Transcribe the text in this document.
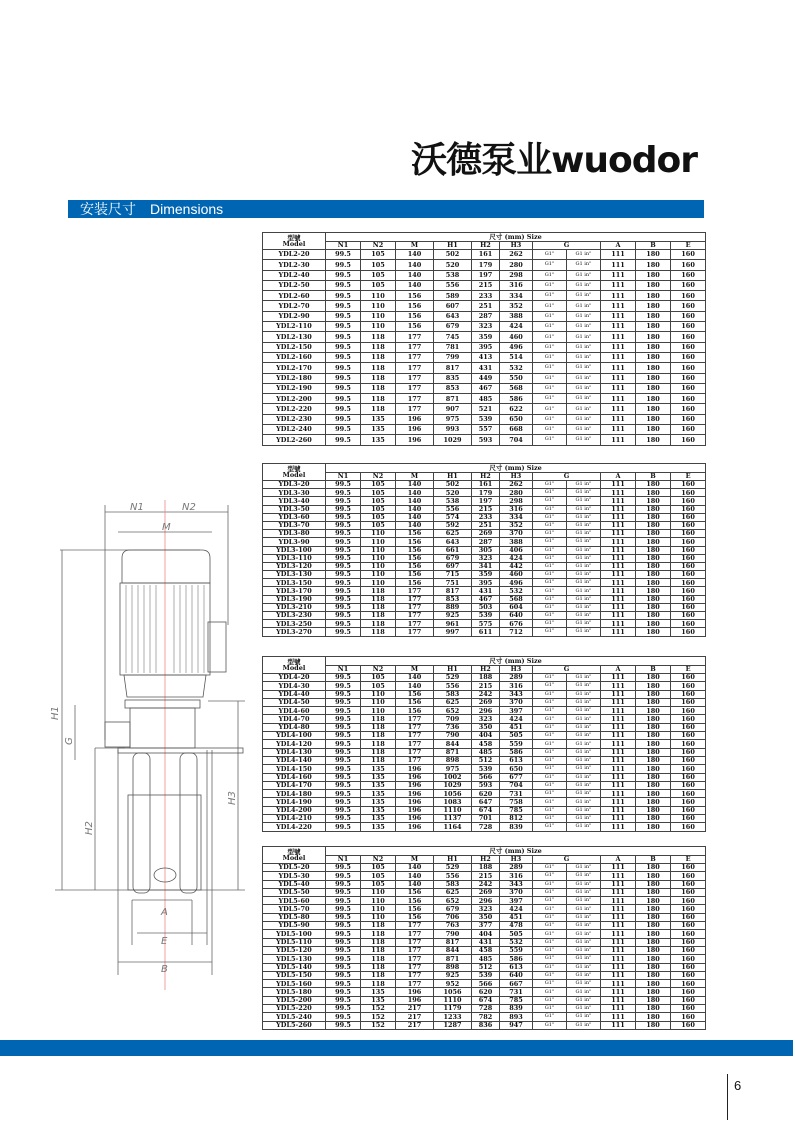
沃德泵业wuodor
安装尺寸 Dimensions
N1	N2
M
H1
G
H2
H3
A
E
B
型號
Model	尺寸 (mm) Size										
	N1	N2	M	H1	H2	H3	G		A	B	E
YDL2-20	99.5	105	140	502	161	262	G1"	G1 in"	111	180	160
YDL2-30	99.5	105	140	520	179	280	G1"	G1 in"	111	180	160
YDL2-40	99.5	105	140	538	197	298	G1"	G1 in"	111	180	160
YDL2-50	99.5	105	140	556	215	316	G1"	G1 in"	111	180	160
YDL2-60	99.5	110	156	589	233	334	G1"	G1 in"	111	180	160
YDL2-70	99.5	110	156	607	251	352	G1"	G1 in"	111	180	160
YDL2-90	99.5	110	156	643	287	388	G1"	G1 in"	111	180	160
YDL2-110	99.5	110	156	679	323	424	G1"	G1 in"	111	180	160
YDL2-130	99.5	118	177	745	359	460	G1"	G1 in"	111	180	160
YDL2-150	99.5	118	177	781	395	496	G1"	G1 in"	111	180	160
YDL2-160	99.5	118	177	799	413	514	G1"	G1 in"	111	180	160
YDL2-170	99.5	118	177	817	431	532	G1"	G1 in"	111	180	160
YDL2-180	99.5	118	177	835	449	550	G1"	G1 in"	111	180	160
YDL2-190	99.5	118	177	853	467	568	G1"	G1 in"	111	180	160
YDL2-200	99.5	118	177	871	485	586	G1"	G1 in"	111	180	160
YDL2-220	99.5	118	177	907	521	622	G1"	G1 in"	111	180	160
YDL2-230	99.5	135	196	975	539	650	G1"	G1 in"	111	180	160
YDL2-240	99.5	135	196	993	557	668	G1"	G1 in"	111	180	160
YDL2-260	99.5	135	196	1029	593	704	G1"	G1 in"	111	180	160
型號
Model	尺寸 (mm) Size										
	N1	N2	M	H1	H2	H3	G		A	B	E
YDL3-20	99.5	105	140	502	161	262	G1"	G1 in"	111	180	160
YDL3-30	99.5	105	140	520	179	280	G1"	G1 in"	111	180	160
YDL3-40	99.5	105	140	538	197	298	G1"	G1 in"	111	180	160
YDL3-50	99.5	105	140	556	215	316	G1"	G1 in"	111	180	160
YDL3-60	99.5	105	140	574	233	334	G1"	G1 in"	111	180	160
YDL3-70	99.5	105	140	592	251	352	G1"	G1 in"	111	180	160
YDL3-80	99.5	110	156	625	269	370	G1"	G1 in"	111	180	160
YDL3-90	99.5	110	156	643	287	388	G1"	G1 in"	111	180	160
YDL3-100	99.5	110	156	661	305	406	G1"	G1 in"	111	180	160
YDL3-110	99.5	110	156	679	323	424	G1"	G1 in"	111	180	160
YDL3-120	99.5	110	156	697	341	442	G1"	G1 in"	111	180	160
YDL3-130	99.5	110	156	715	359	460	G1"	G1 in"	111	180	160
YDL3-150	99.5	110	156	751	395	496	G1"	G1 in"	111	180	160
YDL3-170	99.5	118	177	817	431	532	G1"	G1 in"	111	180	160
YDL3-190	99.5	118	177	853	467	568	G1"	G1 in"	111	180	160
YDL3-210	99.5	118	177	889	503	604	G1"	G1 in"	111	180	160
YDL3-230	99.5	118	177	925	539	640	G1"	G1 in"	111	180	160
YDL3-250	99.5	118	177	961	575	676	G1"	G1 in"	111	180	160
YDL3-270	99.5	118	177	997	611	712	G1"	G1 in"	111	180	160
型號
Model	尺寸 (mm) Size										
	N1	N2	M	H1	H2	H3	G		A	B	E
YDL4-20	99.5	105	140	529	188	289	G1"	G1 in"	111	180	160
YDL4-30	99.5	105	140	556	215	316	G1"	G1 in"	111	180	160
YDL4-40	99.5	110	156	583	242	343	G1"	G1 in"	111	180	160
YDL4-50	99.5	110	156	625	269	370	G1"	G1 in"	111	180	160
YDL4-60	99.5	110	156	652	296	397	G1"	G1 in"	111	180	160
YDL4-70	99.5	118	177	709	323	424	G1"	G1 in"	111	180	160
YDL4-80	99.5	118	177	736	350	451	G1"	G1 in"	111	180	160
YDL4-100	99.5	118	177	790	404	505	G1"	G1 in"	111	180	160
YDL4-120	99.5	118	177	844	458	559	G1"	G1 in"	111	180	160
YDL4-130	99.5	118	177	871	485	586	G1"	G1 in"	111	180	160
YDL4-140	99.5	118	177	898	512	613	G1"	G1 in"	111	180	160
YDL4-150	99.5	135	196	975	539	650	G1"	G1 in"	111	180	160
YDL4-160	99.5	135	196	1002	566	677	G1"	G1 in"	111	180	160
YDL4-170	99.5	135	196	1029	593	704	G1"	G1 in"	111	180	160
YDL4-180	99.5	135	196	1056	620	731	G1"	G1 in"	111	180	160
YDL4-190	99.5	135	196	1083	647	758	G1"	G1 in"	111	180	160
YDL4-200	99.5	135	196	1110	674	785	G1"	G1 in"	111	180	160
YDL4-210	99.5	135	196	1137	701	812	G1"	G1 in"	111	180	160
YDL4-220	99.5	135	196	1164	728	839	G1"	G1 in"	111	180	160
型號
Model	尺寸 (mm) Size										
	N1	N2	M	H1	H2	H3	G		A	B	E
YDL5-20	99.5	105	140	529	188	289	G1"	G1 in"	111	180	160
YDL5-30	99.5	105	140	556	215	316	G1"	G1 in"	111	180	160
YDL5-40	99.5	105	140	583	242	343	G1"	G1 in"	111	180	160
YDL5-50	99.5	110	156	625	269	370	G1"	G1 in"	111	180	160
YDL5-60	99.5	110	156	652	296	397	G1"	G1 in"	111	180	160
YDL5-70	99.5	110	156	679	323	424	G1"	G1 in"	111	180	160
YDL5-80	99.5	110	156	706	350	451	G1"	G1 in"	111	180	160
YDL5-90	99.5	118	177	763	377	478	G1"	G1 in"	111	180	160
YDL5-100	99.5	118	177	790	404	505	G1"	G1 in"	111	180	160
YDL5-110	99.5	118	177	817	431	532	G1"	G1 in"	111	180	160
YDL5-120	99.5	118	177	844	458	559	G1"	G1 in"	111	180	160
YDL5-130	99.5	118	177	871	485	586	G1"	G1 in"	111	180	160
YDL5-140	99.5	118	177	898	512	613	G1"	G1 in"	111	180	160
YDL5-150	99.5	118	177	925	539	640	G1"	G1 in"	111	180	160
YDL5-160	99.5	118	177	952	566	667	G1"	G1 in"	111	180	160
YDL5-180	99.5	135	196	1056	620	731	G1"	G1 in"	111	180	160
YDL5-200	99.5	135	196	1110	674	785	G1"	G1 in"	111	180	160
YDL5-220	99.5	152	217	1179	728	839	G1"	G1 in"	111	180	160
YDL5-240	99.5	152	217	1233	782	893	G1"	G1 in"	111	180	160
YDL5-260	99.5	152	217	1287	836	947	G1"	G1 in"	111	180	160
6
